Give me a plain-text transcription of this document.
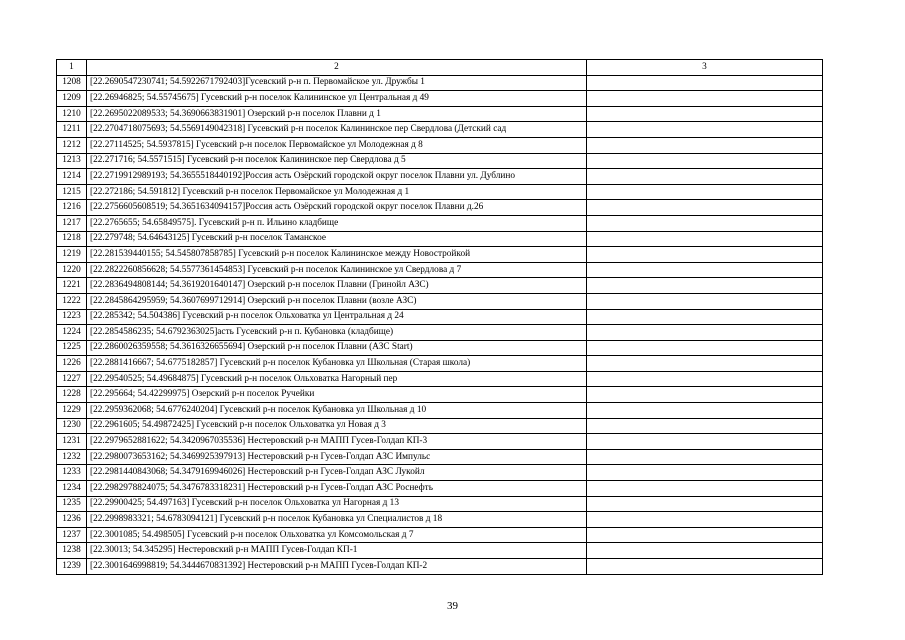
1	2	3
1208	[22.2690547230741; 54.5922671792403]Гусевский р-н п. Первомайское ул. Дружбы 1	
1209	[22.26946825; 54.55745675] Гусевский р-н поселок Калининское ул Центральная д 49	
1210	[22.2695022089533; 54.3690663831901] Озерский р-н поселок Плавни д 1	
1211	[22.2704718075693; 54.5569149042318] Гусевский р-н поселок Калининское пер Свердлова (Детский сад	
1212	[22.27114525; 54.5937815] Гусевский р-н поселок Первомайское ул Молодежная д 8	
1213	[22.271716; 54.5571515] Гусевский р-н поселок Калининское пер Свердлова д 5	
1214	[22.2719912989193; 54.3655518440192]Россия асть Озёрский городской округ поселок Плавни ул. Дублино	
1215	[22.272186; 54.591812] Гусевский р-н поселок Первомайское ул Молодежная д 1	
1216	[22.2756605608519; 54.3651634094157]Россия асть Озёрский городской округ поселок Плавни д.26	
1217	[22.2765655; 54.65849575]. Гусевский р-н п. Ильино кладбище	
1218	[22.279748; 54.64643125] Гусевский р-н поселок Таманское	
1219	[22.281539440155; 54.545807858785] Гусевский р-н поселок Калининское между Новостройкой	
1220	[22.2822260856628; 54.5577361454853] Гусевский р-н поселок Калининское ул Свердлова д 7	
1221	[22.2836494808144; 54.3619201640147] Озерский р-н поселок Плавни (Гринойл АЗС)	
1222	[22.2845864295959; 54.3607699712914] Озерский р-н поселок Плавни (возле АЗС)	
1223	[22.285342; 54.504386] Гусевский р-н поселок Ольховатка ул Центральная д 24	
1224	[22.2854586235; 54.6792363025]асть Гусевский р-н п. Кубановка (кладбище)	
1225	[22.2860026359558; 54.3616326655694] Озерский р-н поселок Плавни (АЗС Start)	
1226	[22.2881416667; 54.6775182857] Гусевский р-н поселок Кубановка ул Школьная (Старая школа)	
1227	[22.29540525; 54.49684875] Гусевский р-н поселок Ольховатка Нагорный пер	
1228	[22.295664; 54.42299975] Озерский р-н поселок Ручейки	
1229	[22.2959362068; 54.6776240204] Гусевский р-н поселок Кубановка ул Школьная д 10	
1230	[22.2961605; 54.49872425] Гусевский р-н поселок Ольховатка ул Новая д 3	
1231	[22.2979652881622; 54.3420967035536] Нестеровский р-н МАПП Гусев-Голдап КП-3	
1232	[22.2980073653162; 54.3469925397913] Нестеровский р-н Гусев-Голдап АЗС Импульс	
1233	[22.2981440843068; 54.3479169946026] Нестеровский р-н Гусев-Голдап АЗС Лукойл	
1234	[22.2982978824075; 54.3476783318231] Нестеровский р-н Гусев-Голдап АЗС Роснефть	
1235	[22.29900425; 54.497163] Гусевский р-н поселок Ольховатка ул Нагорная д 13	
1236	[22.2998983321; 54.6783094121] Гусевский р-н поселок Кубановка ул Специалистов д 18	
1237	[22.3001085; 54.498505] Гусевский р-н поселок Ольховатка ул Комсомольская д 7	
1238	[22.30013; 54.345295] Нестеровский р-н МАПП Гусев-Голдап КП-1	
1239	[22.3001646998819; 54.3444670831392] Нестеровский р-н МАПП Гусев-Голдап КП-2	
39
